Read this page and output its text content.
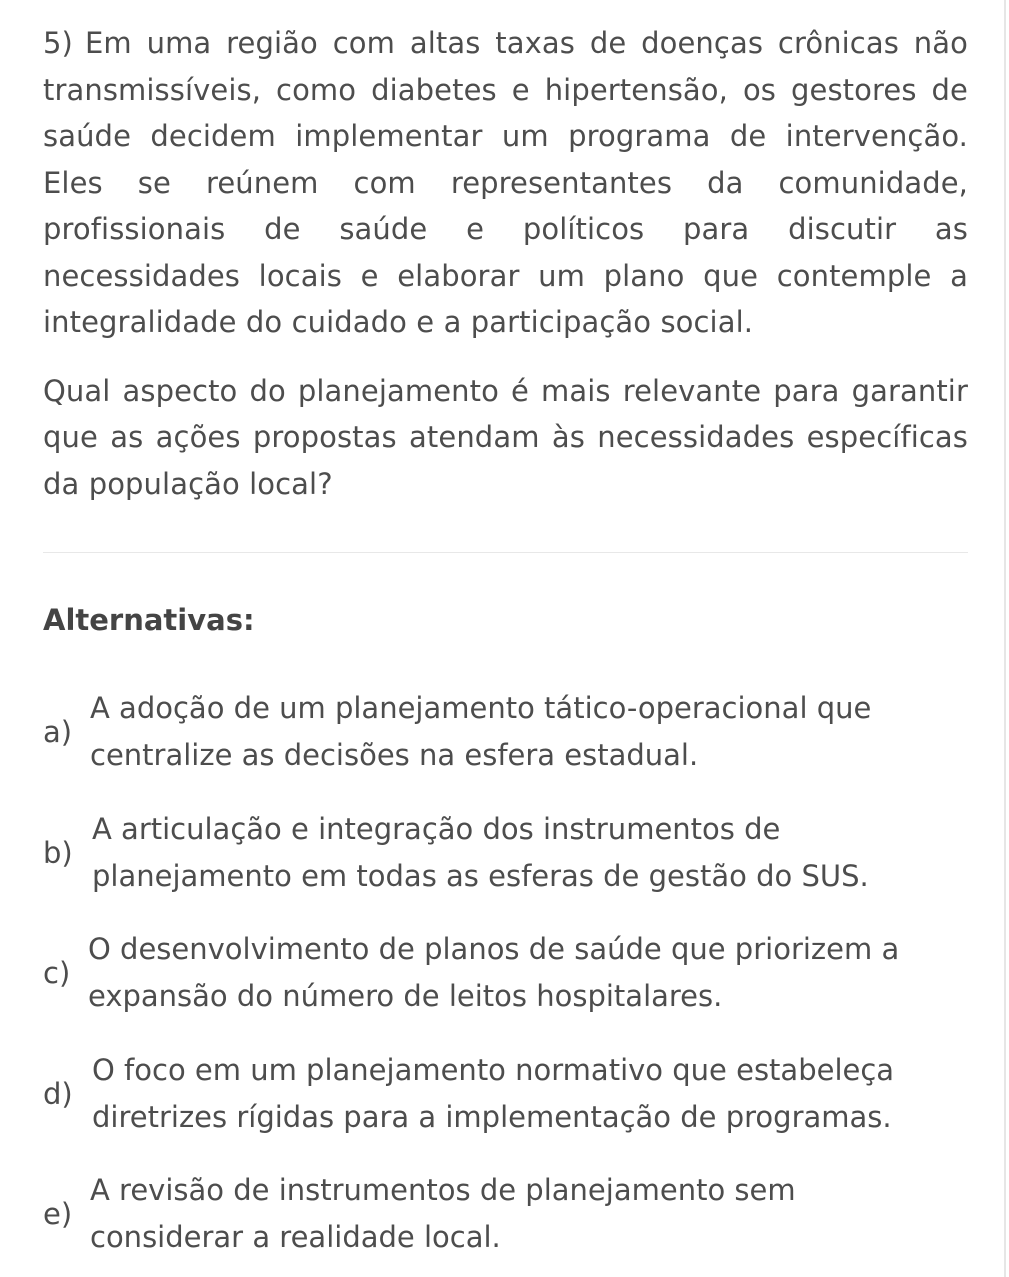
5) Em uma região com altas taxas de doenças crônicas não transmissíveis, como diabetes e hipertensão, os gestores de saúde decidem implementar um programa de intervenção. Eles se reúnem com representantes da comunidade, profissionais de saúde e políticos para discutir as necessidades locais e elaborar um plano que contemple a integralidade do cuidado e a participação social.

Qual aspecto do planejamento é mais relevante para garantir que as ações propostas atendam às necessidades específicas da população local?

Alternativas:
a)
A adoção de um planejamento tático-operacional que centralize as decisões na esfera estadual.
b)
A articulação e integração dos instrumentos de planejamento em todas as esferas de gestão do SUS.
c)
O desenvolvimento de planos de saúde que priorizem a expansão do número de leitos hospitalares.
d)
O foco em um planejamento normativo que estabeleça diretrizes rígidas para a implementação de programas.
e)
A revisão de instrumentos de planejamento sem considerar a realidade local.
